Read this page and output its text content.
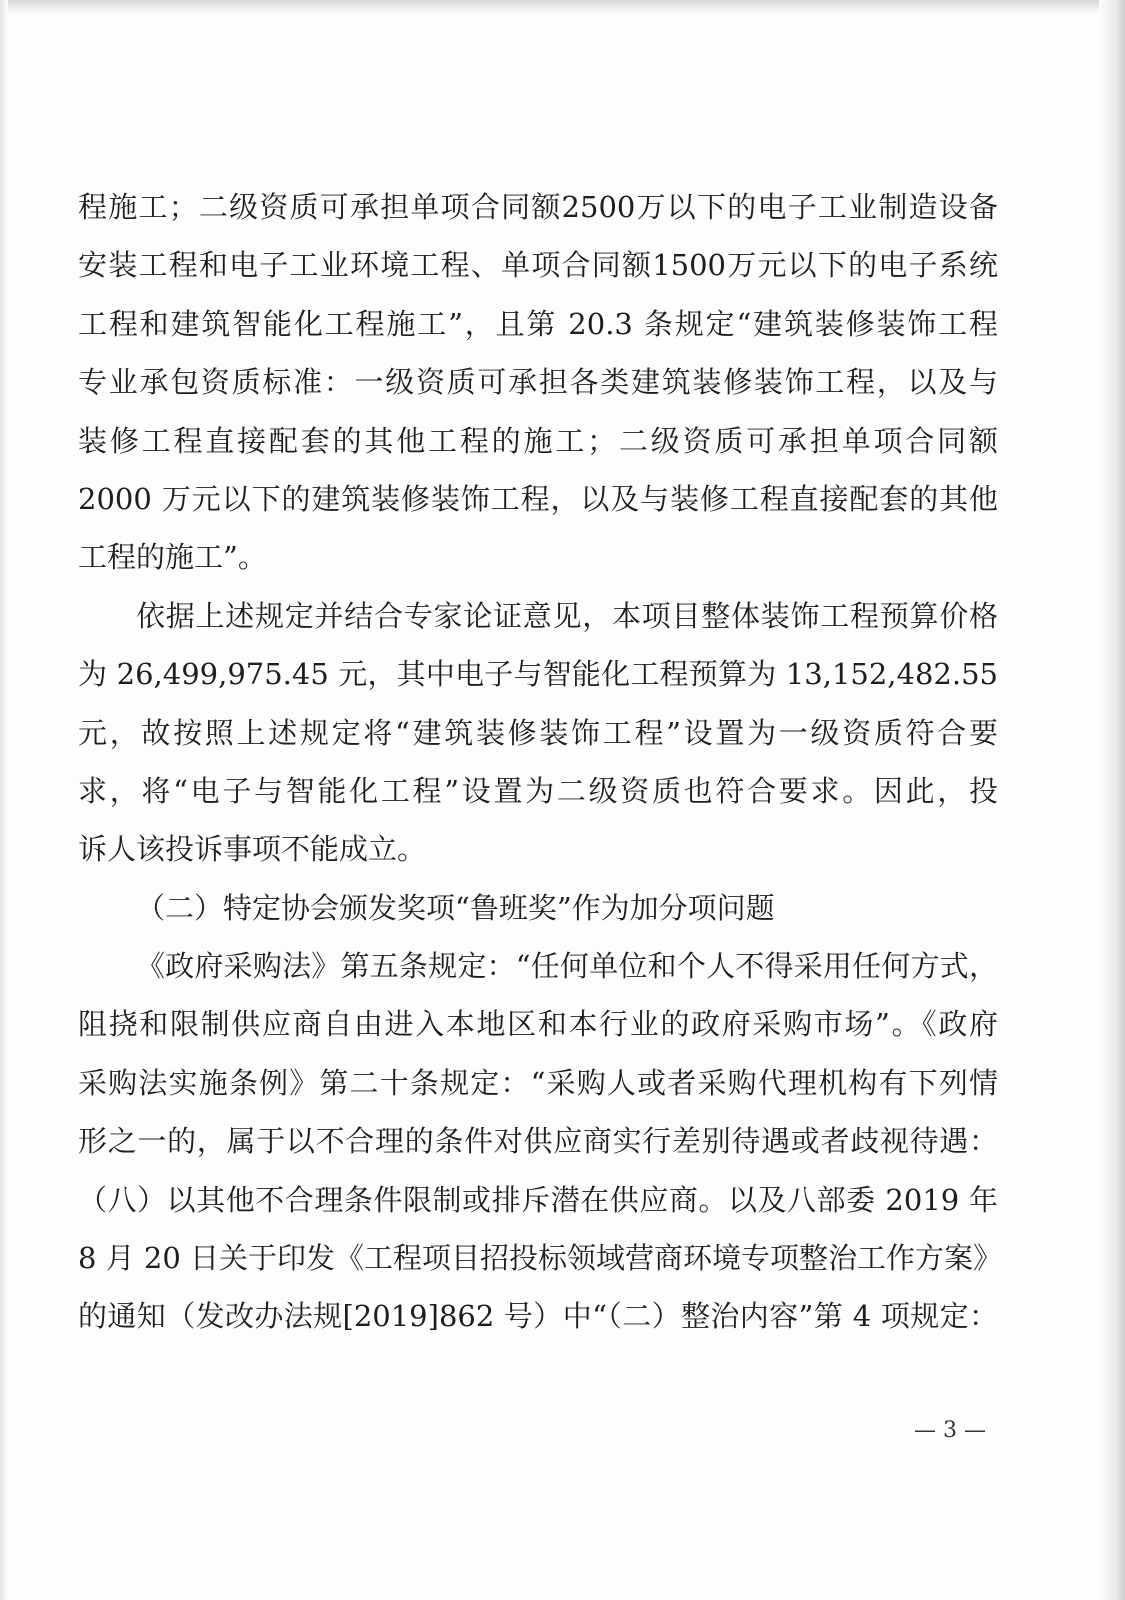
程施工；二级资质可承担单项合同额2500万以下的电子工业制造设备
安装工程和电子工业环境工程、单项合同额1500万元以下的电子系统
工程和建筑智能化工程施工”，且第 20.3 条规定“建筑装修装饰工程
专业承包资质标准：一级资质可承担各类建筑装修装饰工程，以及与
装修工程直接配套的其他工程的施工；二级资质可承担单项合同额
2000 万元以下的建筑装修装饰工程，以及与装修工程直接配套的其他
工程的施工”。
依据上述规定并结合专家论证意见，本项目整体装饰工程预算价格
为 26,499,975.45 元，其中电子与智能化工程预算为 13,152,482.55
元，故按照上述规定将“建筑装修装饰工程”设置为一级资质符合要
求，将“电子与智能化工程”设置为二级资质也符合要求。因此，投
诉人该投诉事项不能成立。
（二）特定协会颁发奖项“鲁班奖”作为加分项问题
《政府采购法》第五条规定：“任何单位和个人不得采用任何方式，
阻挠和限制供应商自由进入本地区和本行业的政府采购市场”。《政府
采购法实施条例》第二十条规定：“采购人或者采购代理机构有下列情
形之一的，属于以不合理的条件对供应商实行差别待遇或者歧视待遇：
（八）以其他不合理条件限制或排斥潜在供应商。以及八部委 2019 年
8 月 20 日关于印发《工程项目招投标领域营商环境专项整治工作方案》
的通知（发改办法规[2019]862 号）中“（二）整治内容”第 4 项规定：
— 3 —
